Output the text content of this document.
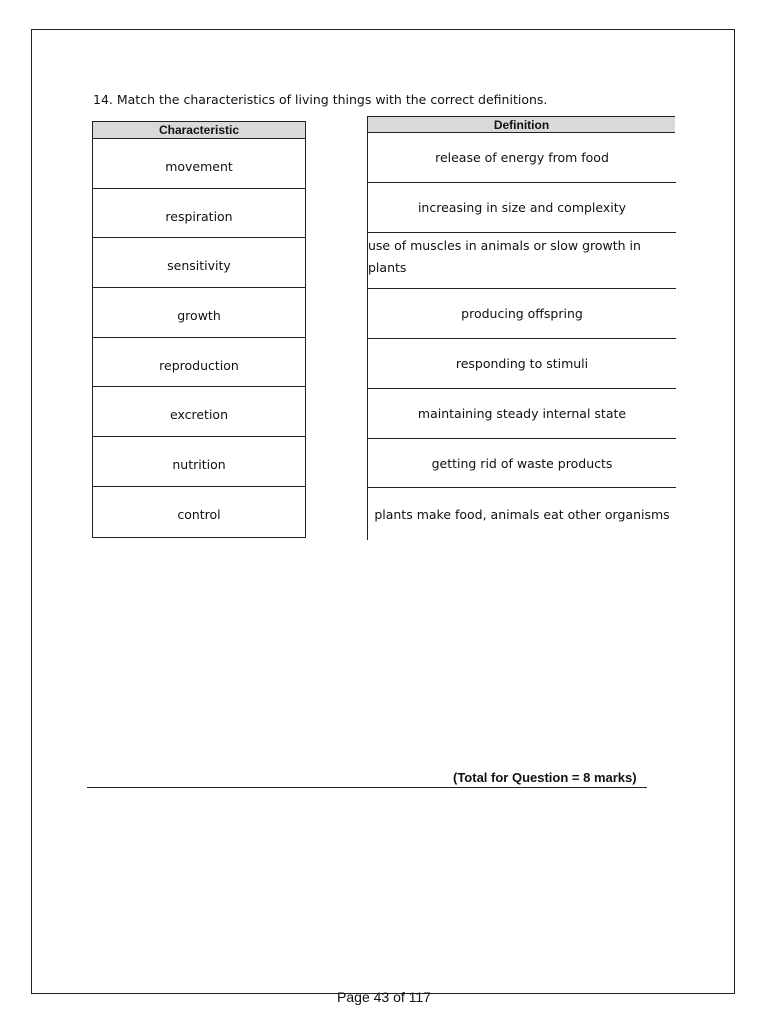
14. Match the characteristics of living things with the correct definitions.
Characteristic
movement
respiration
sensitivity
growth
reproduction
excretion
nutrition
control
Definition
release of energy from food
increasing in size and complexity
use of muscles in animals or slow growth in plants
producing offspring
responding to stimuli
maintaining steady internal state
getting rid of waste products
plants make food, animals eat other organisms
(Total for Question = 8 marks)
Page 43 of 117
